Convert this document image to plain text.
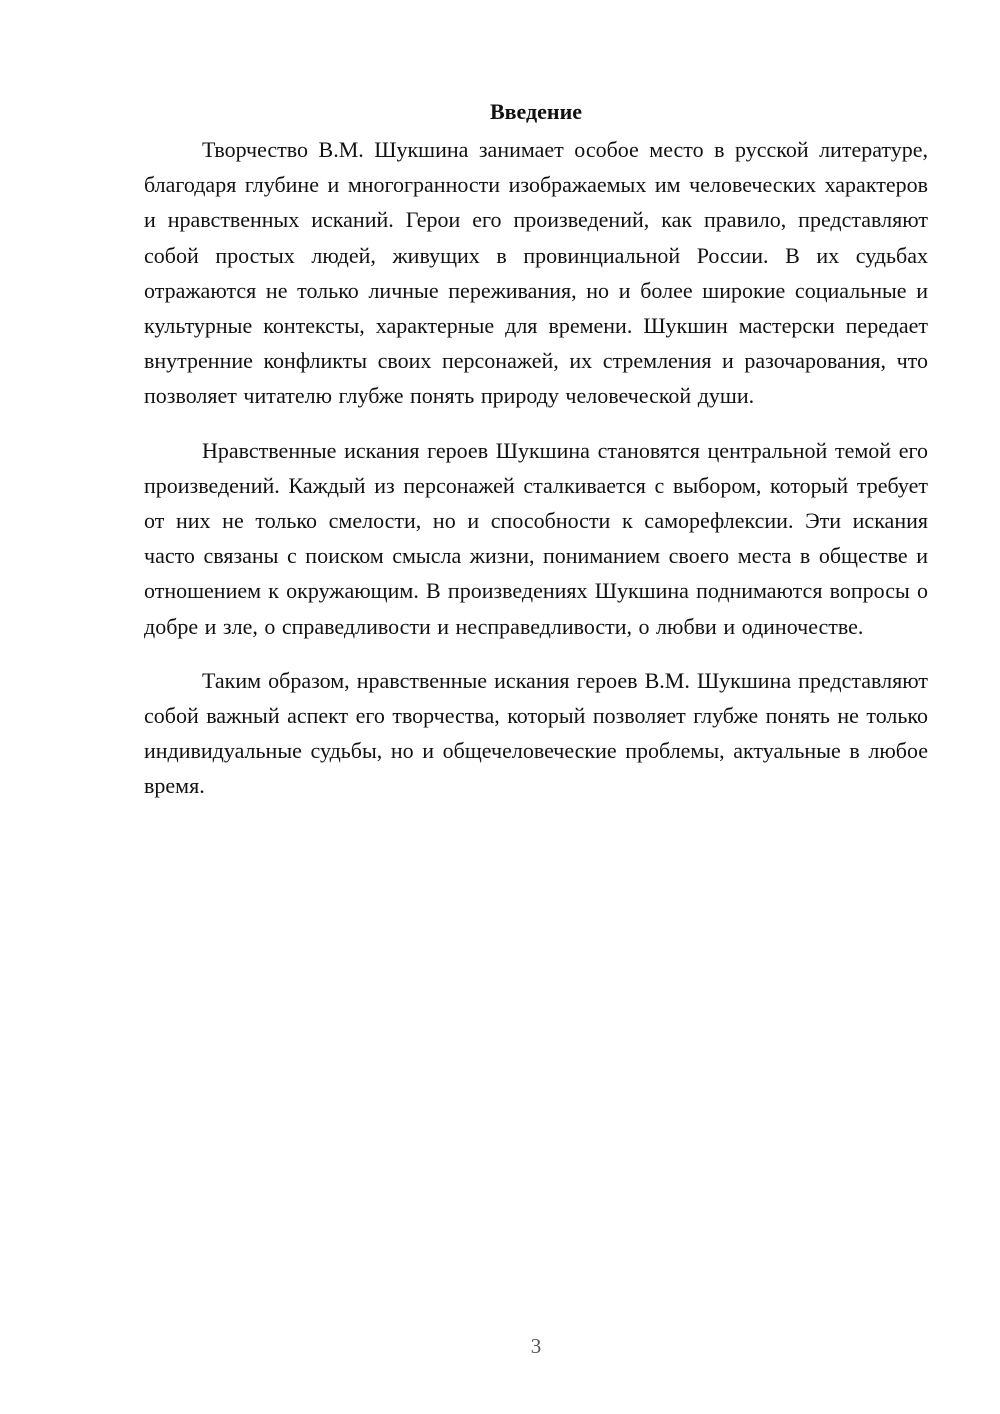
Введение

Творчество В.М. Шукшина занимает особое место в русской литературе, благодаря глубине и многогранности изображаемых им человеческих характеров и нравственных исканий. Герои его произведений, как правило, представляют собой простых людей, живущих в провинциальной России. В их судьбах отражаются не только личные переживания, но и более широкие социальные и культурные контексты, характерные для времени. Шукшин мастерски передает внутренние конфликты своих персонажей, их стремления и разочарования, что позволяет читателю глубже понять природу человеческой души.

Нравственные искания героев Шукшина становятся центральной темой его произведений. Каждый из персонажей сталкивается с выбором, который требует от них не только смелости, но и способности к саморефлексии. Эти искания часто связаны с поиском смысла жизни, пониманием своего места в обществе и отношением к окружающим. В произведениях Шукшина поднимаются вопросы о добре и зле, о справедливости и несправедливости, о любви и одиночестве.

Таким образом, нравственные искания героев В.М. Шукшина представляют собой важный аспект его творчества, который позволяет глубже понять не только индивидуальные судьбы, но и общечеловеческие проблемы, актуальные в любое время.

3
